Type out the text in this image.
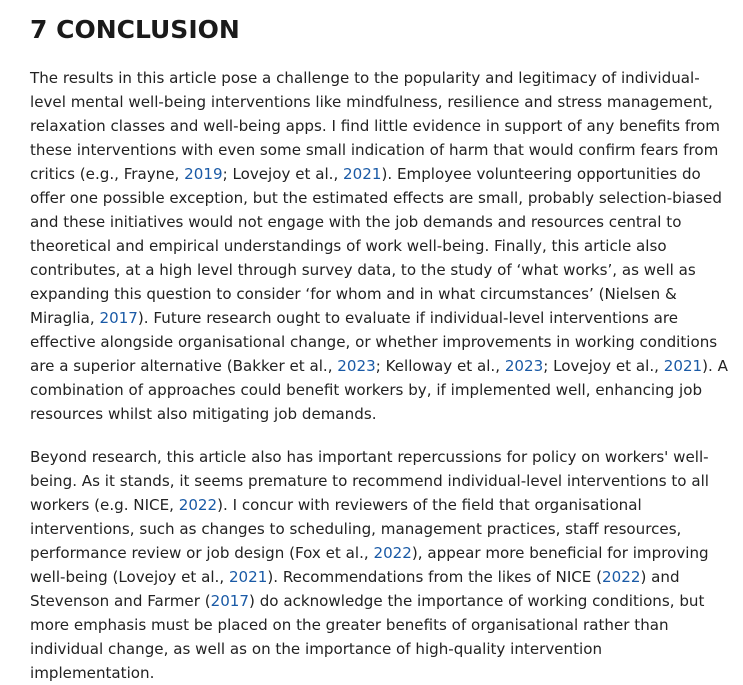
7 CONCLUSION

The results in this article pose a challenge to the popularity and legitimacy of individual-level mental well-being interventions like mindfulness, resilience and stress management, relaxation classes and well-being apps. I find little evidence in support of any benefits from these interventions with even some small indication of harm that would confirm fears from critics (e.g., Frayne, 2019; Lovejoy et al., 2021). Employee volunteering opportunities do offer one possible exception, but the estimated effects are small, probably selection-biased and these initiatives would not engage with the job demands and resources central to theoretical and empirical understandings of work well-being. Finally, this article also contributes, at a high level through survey data, to the study of ‘what works’, as well as expanding this question to consider ‘for whom and in what circumstances’ (Nielsen & Miraglia, 2017). Future research ought to evaluate if individual-level interventions are effective alongside organisational change, or whether improvements in working conditions are a superior alternative (Bakker et al., 2023; Kelloway et al., 2023; Lovejoy et al., 2021). A combination of approaches could benefit workers by, if implemented well, enhancing job resources whilst also mitigating job demands.

Beyond research, this article also has important repercussions for policy on workers' well-being. As it stands, it seems premature to recommend individual-level interventions to all workers (e.g. NICE, 2022). I concur with reviewers of the field that organisational interventions, such as changes to scheduling, management practices, staff resources, performance review or job design (Fox et al., 2022), appear more beneficial for improving well-being (Lovejoy et al., 2021). Recommendations from the likes of NICE (2022) and Stevenson and Farmer (2017) do acknowledge the importance of working conditions, but more emphasis must be placed on the greater benefits of organisational rather than individual change, as well as on the importance of high-quality intervention implementation.
